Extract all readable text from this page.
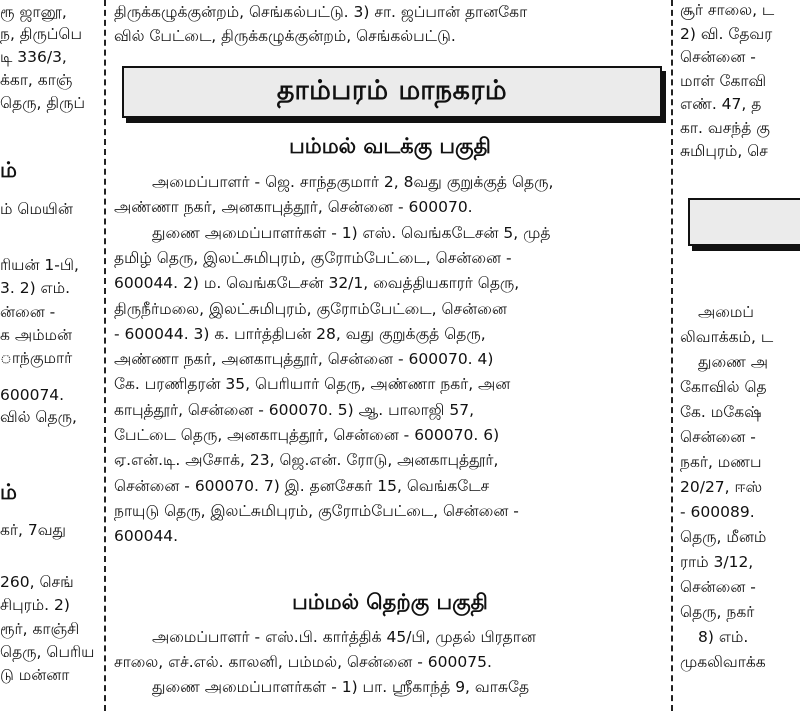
ரூ ஜானூ,

ந, திருப்பெ

டி 336/3,

க்கா, காஞ்

தெரு, திருப்

ம் மெயின்

ரியன் 1-பி,

3. 2) எம்.

ன்னை -

க அம்மன்

ாந்குமார்

600074.

வில் தெரு,

கர், 7வது

260, செங்

சிபுரம். 2)

ரூர், காஞ்சி

தெரு, பெரிய

டு மன்னா

ம்

ம்

திருக்கழுக்குன்றம், செங்கல்பட்டு. 3) சா. ஜப்பான் தானகோ

வில் பேட்டை, திருக்கழுக்குன்றம், செங்கல்பட்டு.

தாம்பரம் மாநகரம்
பம்மல் வடக்கு பகுதி

அமைப்பாளர் - ஜெ. சாந்தகுமார் 2, 8வது குறுக்குத் தெரு,

அண்ணா நகர், அனகாபுத்தூர், சென்னை - 600070.

துணை அமைப்பாளர்கள் - 1) எஸ். வெங்கடேசன் 5, முத்

தமிழ் தெரு, இலட்சுமிபுரம், குரோம்பேட்டை, சென்னை -

600044. 2) ம. வெங்கடேசன் 32/1, வைத்தியகாரர் தெரு,

திருநீர்மலை, இலட்சுமிபுரம், குரோம்பேட்டை, சென்னை

- 600044. 3) க. பார்த்திபன் 28, வது குறுக்குத் தெரு,

அண்ணா நகர், அனகாபுத்தூர், சென்னை - 600070. 4)

கே. பரணிதரன் 35, பெரியார் தெரு, அண்ணா நகர், அன

காபுத்தூர், சென்னை - 600070. 5) ஆ. பாலாஜி 57,

பேட்டை தெரு, அனகாபுத்தூர், சென்னை - 600070. 6)

ஏ.என்.டி. அசோக், 23, ஜெ.என். ரோடு, அனகாபுத்தூர்,

சென்னை - 600070. 7) இ. தனசேகர் 15, வெங்கடேச

நாயுடு தெரு, இலட்சுமிபுரம், குரோம்பேட்டை, சென்னை -

600044.

பம்மல் தெற்கு பகுதி

அமைப்பாளர் - எஸ்.பி. கார்த்திக் 45/பி, முதல் பிரதான

சாலை, எச்.எல். காலனி, பம்மல், சென்னை - 600075.

துணை அமைப்பாளர்கள் - 1) பா. ஸ்ரீகாந்த் 9, வாசுதே

சூர் சாலை, ட

2) வி. தேவர

சென்னை -

மாள் கோவி

எண். 47, த

கா. வசந்த் கு

சுமிபுரம், செ

அமைப்

லிவாக்கம், ட

துணை அ

கோவில் தெ

கே. மகேஷ்

சென்னை -

நகர், மணப

20/27, ஈஸ்

- 600089.

தெரு, மீனம்

ராம் 3/12,

சென்னை -

தெரு, நகர்

8) எம்.

முகலிவாக்க
